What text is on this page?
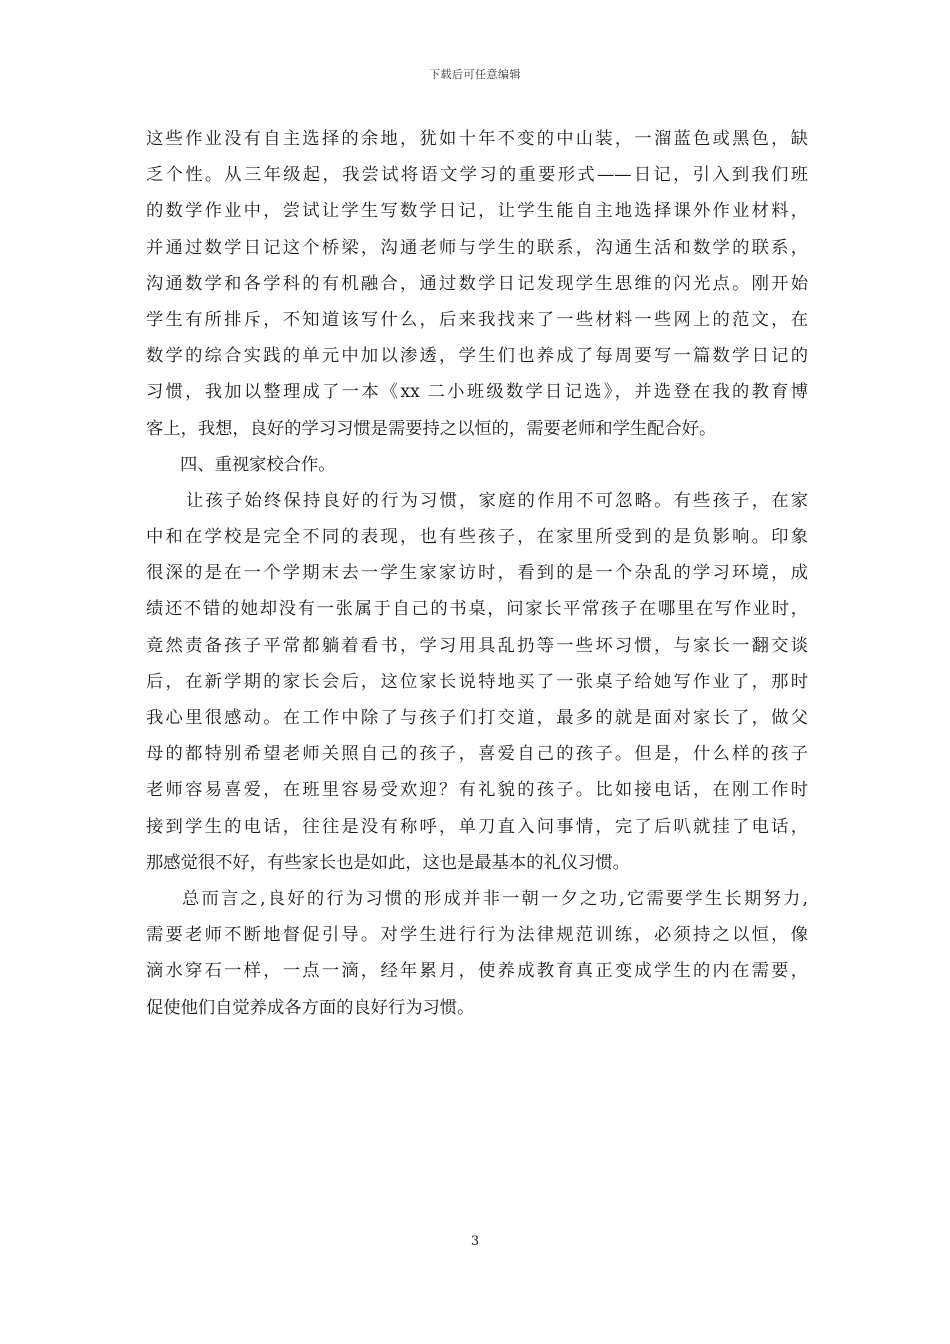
下载后可任意编辑
这些作业没有自主选择的余地，犹如十年不变的中山装，一溜蓝色或黑色，缺
乏个性。从三年级起，我尝试将语文学习的重要形式——日记，引入到我们班
的数学作业中，尝试让学生写数学日记，让学生能自主地选择课外作业材料，
并通过数学日记这个桥梁，沟通老师与学生的联系，沟通生活和数学的联系，
沟通数学和各学科的有机融合，通过数学日记发现学生思维的闪光点。刚开始
学生有所排斥，不知道该写什么，后来我找来了一些材料一些网上的范文，在
数学的综合实践的单元中加以渗透，学生们也养成了每周要写一篇数学日记的
习惯，我加以整理成了一本《xx 二小班级数学日记选》，并选登在我的教育博
客上，我想，良好的学习习惯是需要持之以恒的，需要老师和学生配合好。
四、重视家校合作。
让孩子始终保持良好的行为习惯，家庭的作用不可忽略。有些孩子，在家
中和在学校是完全不同的表现，也有些孩子，在家里所受到的是负影响。印象
很深的是在一个学期末去一学生家家访时，看到的是一个杂乱的学习环境，成
绩还不错的她却没有一张属于自己的书桌，问家长平常孩子在哪里在写作业时，
竟然责备孩子平常都躺着看书，学习用具乱扔等一些坏习惯，与家长一翻交谈
后，在新学期的家长会后，这位家长说特地买了一张桌子给她写作业了，那时
我心里很感动。在工作中除了与孩子们打交道，最多的就是面对家长了，做父
母的都特别希望老师关照自己的孩子，喜爱自己的孩子。但是，什么样的孩子
老师容易喜爱，在班里容易受欢迎？有礼貌的孩子。比如接电话，在刚工作时
接到学生的电话，往往是没有称呼，单刀直入问事情，完了后叭就挂了电话，
那感觉很不好，有些家长也是如此，这也是最基本的礼仪习惯。
总而言之,良好的行为习惯的形成并非一朝一夕之功,它需要学生长期努力,
需要老师不断地督促引导。对学生进行行为法律规范训练，必须持之以恒，像
滴水穿石一样，一点一滴，经年累月，使养成教育真正变成学生的内在需要，
促使他们自觉养成各方面的良好行为习惯。
3
